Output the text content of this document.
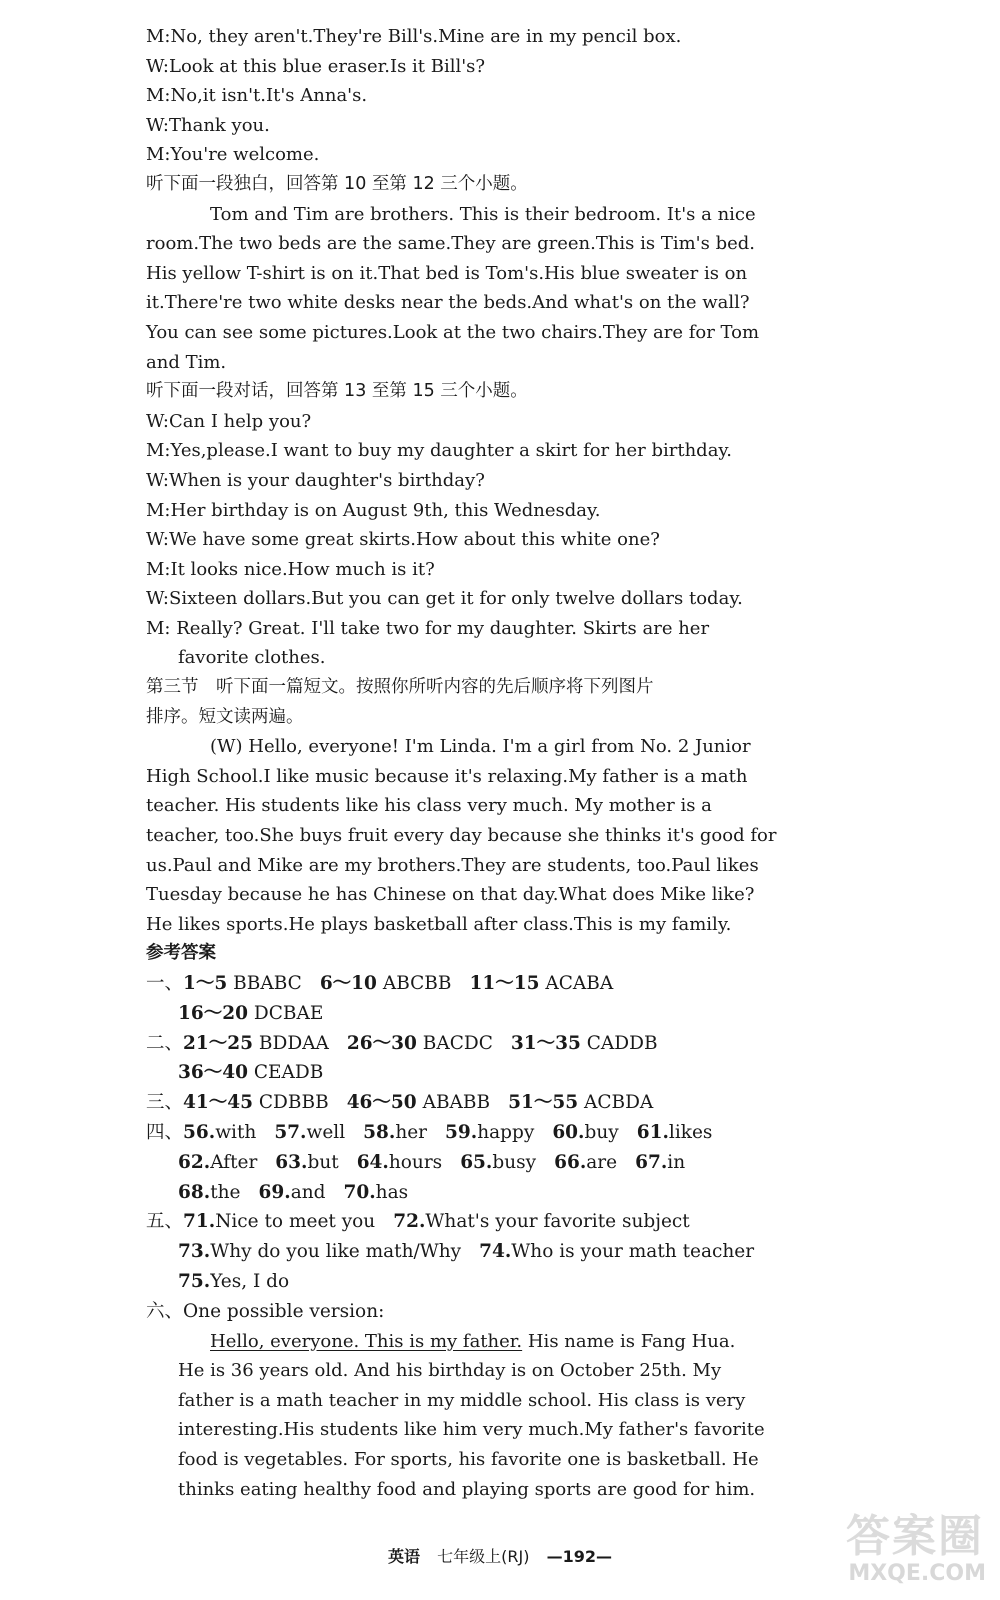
M:No, they aren't.They're Bill's.Mine are in my pencil box.
W:Look at this blue eraser.Is it Bill's?
M:No,it isn't.It's Anna's.
W:Thank you.
M:You're welcome.
听下面一段独白，回答第 10 至第 12 三个小题。
Tom and Tim are brothers. This is their bedroom. It's a nice
room.The two beds are the same.They are green.This is Tim's bed.
His yellow T-shirt is on it.That bed is Tom's.His blue sweater is on
it.There're two white desks near the beds.And what's on the wall?
You can see some pictures.Look at the two chairs.They are for Tom
and Tim.
听下面一段对话，回答第 13 至第 15 三个小题。
W:Can I help you?
M:Yes,please.I want to buy my daughter a skirt for her birthday.
W:When is your daughter's birthday?
M:Her birthday is on August 9th, this Wednesday.
W:We have some great skirts.How about this white one?
M:It looks nice.How much is it?
W:Sixteen dollars.But you can get it for only twelve dollars today.
M: Really? Great. I'll take two for my daughter. Skirts are her
favorite clothes.
第三节　听下面一篇短文。按照你所听内容的先后顺序将下列图片
排序。短文读两遍。
(W) Hello, everyone! I'm Linda. I'm a girl from No. 2 Junior
High School.I like music because it's relaxing.My father is a math
teacher. His students like his class very much. My mother is a
teacher, too.She buys fruit every day because she thinks it's good for
us.Paul and Mike are my brothers.They are students, too.Paul likes
Tuesday because he has Chinese on that day.What does Mike like?
He likes sports.He plays basketball after class.This is my family.
参考答案
一、1～5 BBABC 6～10 ABCBB 11～15 ACABA
16～20 DCBAE
二、21～25 BDDAA 26～30 BACDC 31～35 CADDB
36～40 CEADB
三、41～45 CDBBB 46～50 ABABB 51～55 ACBDA
四、56.with 57.well 58.her 59.happy 60.buy 61.likes
62.After 63.but 64.hours 65.busy 66.are 67.in
68.the 69.and 70.has
五、71.Nice to meet you 72.What's your favorite subject
73.Why do you like math/Why 74.Who is your math teacher
75.Yes, I do
六、One possible version:
Hello, everyone. This is my father. His name is Fang Hua.
He is 36 years old. And his birthday is on October 25th. My
father is a math teacher in my middle school. His class is very
interesting.His students like him very much.My father's favorite
food is vegetables. For sports, his favorite one is basketball. He
thinks eating healthy food and playing sports are good for him.
英语 七年级上(RJ) —192—	答案圈
MXQE.COM
